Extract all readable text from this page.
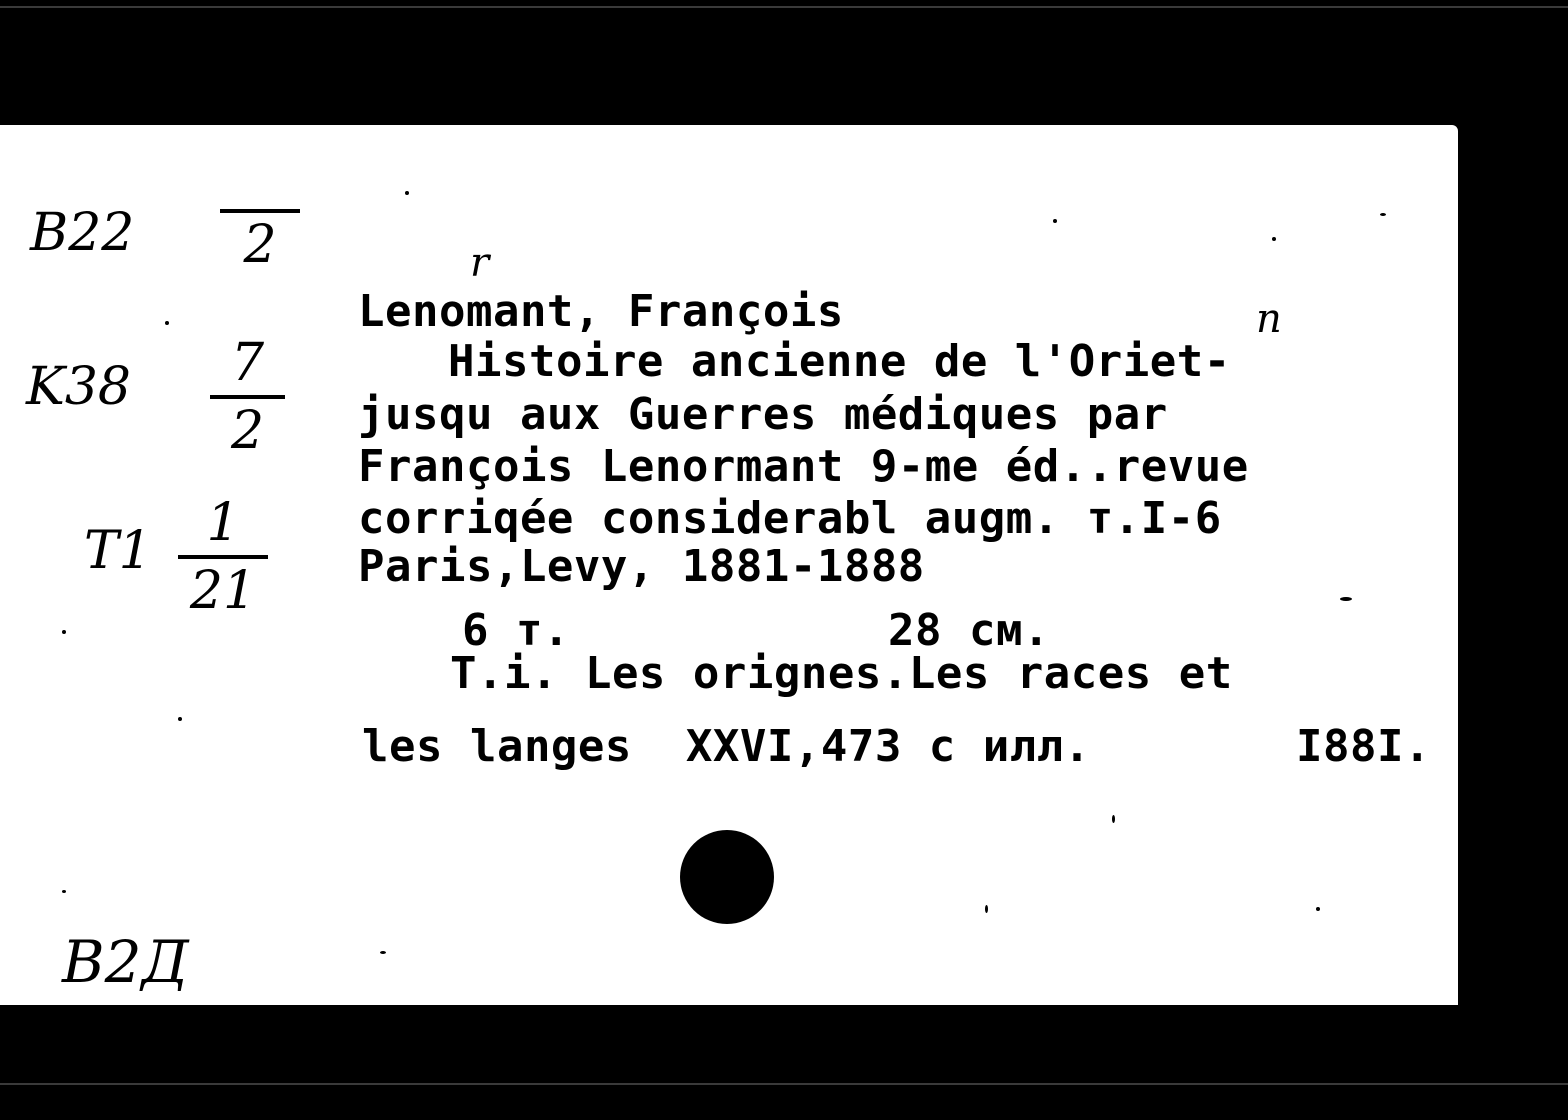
B22	2
K38	7
2
T1	1
21
B2Д
r
n
Lenomant, François
Histoire ancienne de l'Oriet-
jusqu aux Guerres médiques par
François Lenormant 9-me éd..revue
corriqée considerabl augm. т.I-6
Paris,Levy, 1881-1888
6 т.	28 см.
Т.i. Les orignes.Les races et
les langes  XXVI,473 с илл.	I88I.
